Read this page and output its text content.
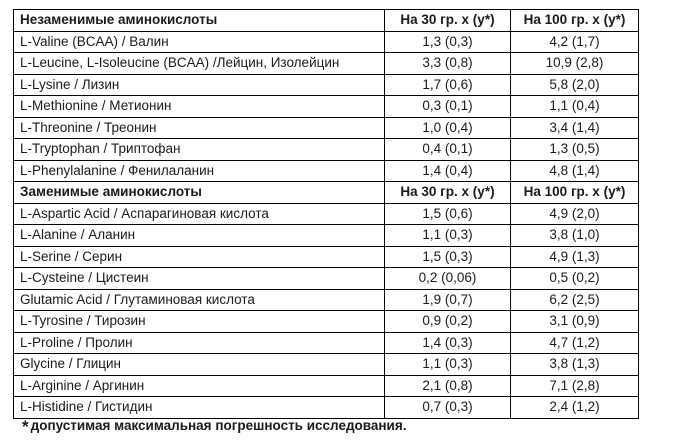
Незаменимые аминокислоты	На 30 гр. x (y*)	На 100 гр. x (y*)
L-Valine (BCAA) / Валин	1,3 (0,3)	4,2 (1,7)
L-Leucine, L-Isoleucine (BCAA) /Лейцин, Изолейцин	3,3 (0,8)	10,9 (2,8)
L-Lysine / Лизин	1,7 (0,6)	5,8 (2,0)
L-Methionine / Метионин	0,3 (0,1)	1,1 (0,4)
L-Threonine / Треонин	1,0 (0,4)	3,4 (1,4)
L-Tryptophan / Триптофан	0,4 (0,1)	1,3 (0,5)
L-Phenylalanine / Фенилаланин	1,4 (0,4)	4,8 (1,4)
Заменимые аминокислоты	На 30 гр. x (y*)	На 100 гр. x (y*)
L-Aspartic Acid / Аспарагиновая кислота	1,5 (0,6)	4,9 (2,0)
L-Alanine / Аланин	1,1 (0,3)	3,8 (1,0)
L-Serine / Серин	1,5 (0,3)	4,9 (1,3)
L-Cysteine / Цистеин	0,2 (0,06)	0,5 (0,2)
Glutamic Acid / Глутаминовая кислота	1,9 (0,7)	6,2 (2,5)
L-Tyrosine / Тирозин	0,9 (0,2)	3,1 (0,9)
L-Proline / Пролин	1,4 (0,3)	4,7 (1,2)
Glycine / Глицин	1,1 (0,3)	3,8 (1,3)
L-Arginine / Аргинин	2,1 (0,8)	7,1 (2,8)
L-Histidine / Гистидин	0,7 (0,3)	2,4 (1,2)
* допустимая максимальная погрешность исследования.
